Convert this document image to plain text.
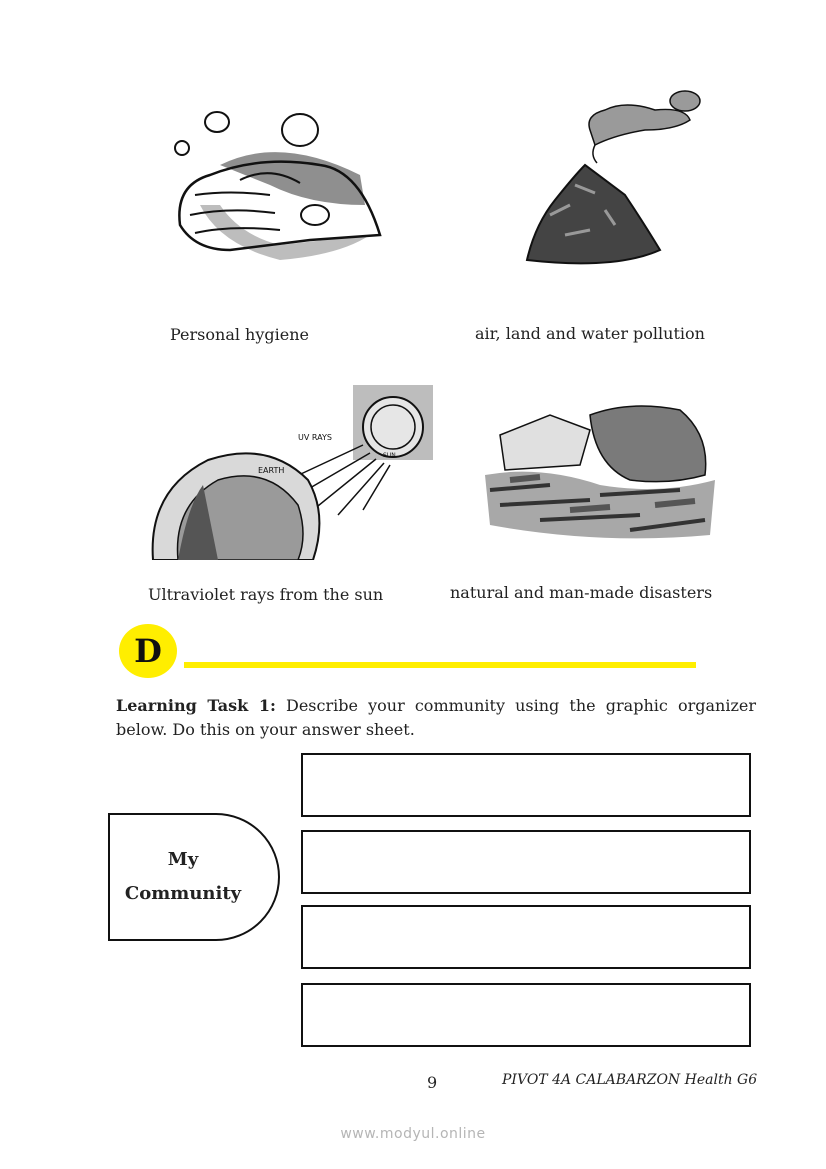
UV RAYS
EARTH
SUN
Personal hygiene	air, land and water pollution
Ultraviolet rays from the sun	natural and man-made disasters
D
Learning Task 1: Describe your community using the graphic organizer below. Do this on your answer sheet.
My
Community
9	PIVOT 4A CALABARZON Health G6
www.modyul.online
